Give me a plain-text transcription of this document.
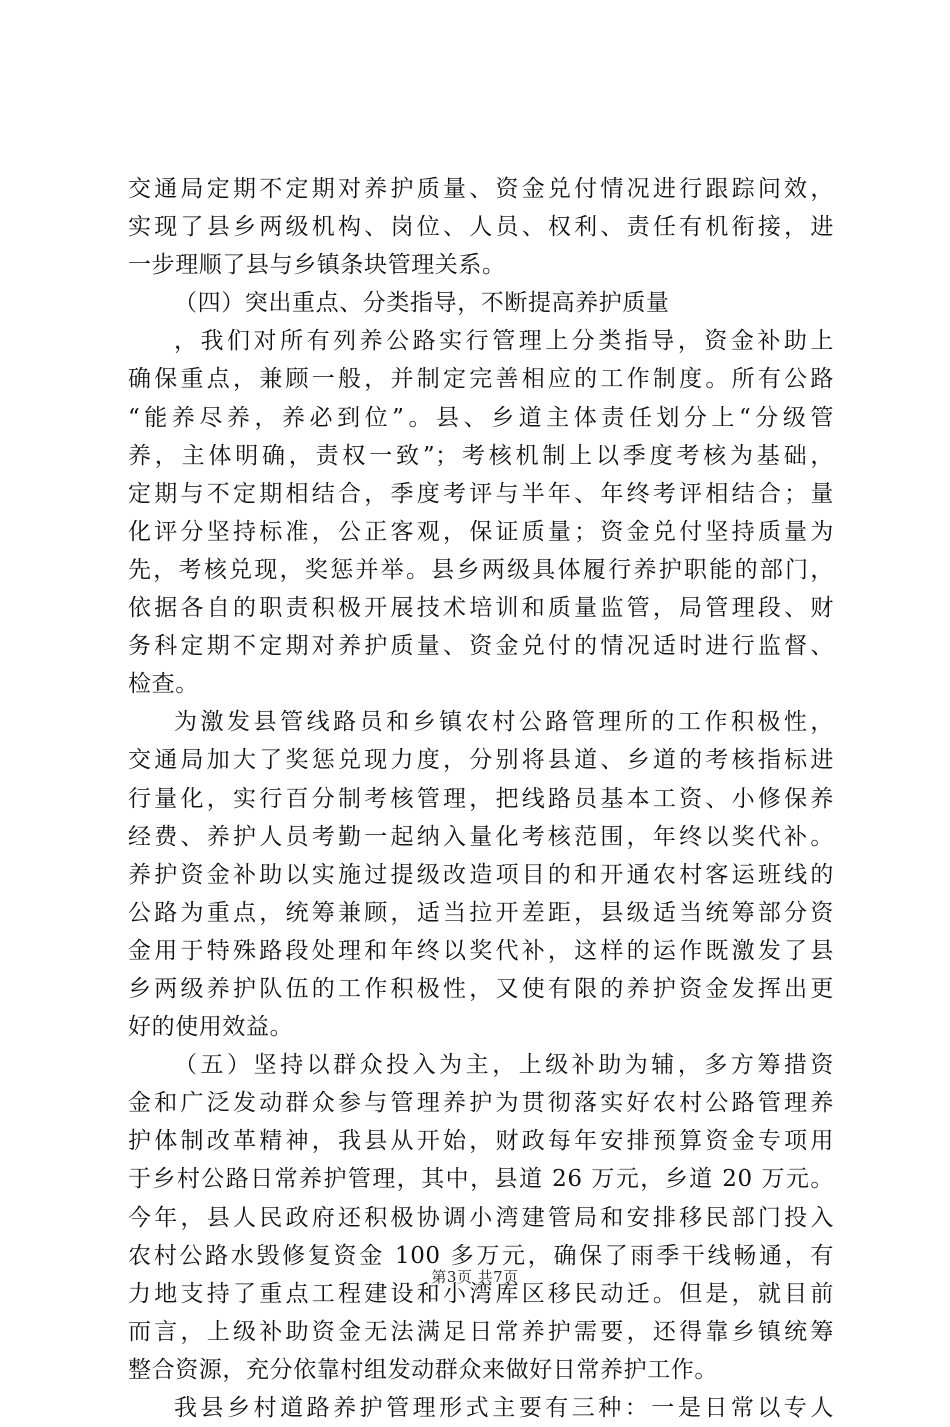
交通局定期不定期对养护质量、资金兑付情况进行跟踪问效，
实现了县乡两级机构、岗位、人员、权利、责任有机衔接，进
一步理顺了县与乡镇条块管理关系。
（四）突出重点、分类指导，不断提高养护质量
，我们对所有列养公路实行管理上分类指导，资金补助上
确保重点，兼顾一般，并制定完善相应的工作制度。所有公路
“能养尽养，养必到位”。县、乡道主体责任划分上“分级管
养，主体明确，责权一致”；考核机制上以季度考核为基础，
定期与不定期相结合，季度考评与半年、年终考评相结合；量
化评分坚持标准，公正客观，保证质量；资金兑付坚持质量为
先，考核兑现，奖惩并举。县乡两级具体履行养护职能的部门，
依据各自的职责积极开展技术培训和质量监管，局管理段、财
务科定期不定期对养护质量、资金兑付的情况适时进行监督、
检查。
为激发县管线路员和乡镇农村公路管理所的工作积极性，
交通局加大了奖惩兑现力度，分别将县道、乡道的考核指标进
行量化，实行百分制考核管理，把线路员基本工资、小修保养
经费、养护人员考勤一起纳入量化考核范围，年终以奖代补。
养护资金补助以实施过提级改造项目的和开通农村客运班线的
公路为重点，统筹兼顾，适当拉开差距，县级适当统筹部分资
金用于特殊路段处理和年终以奖代补，这样的运作既激发了县
乡两级养护队伍的工作积极性，又使有限的养护资金发挥出更
好的使用效益。
（五）坚持以群众投入为主，上级补助为辅，多方筹措资
金和广泛发动群众参与管理养护为贯彻落实好农村公路管理养
护体制改革精神，我县从开始，财政每年安排预算资金专项用
于乡村公路日常养护管理，其中，县道 26 万元，乡道 20 万元。
今年，县人民政府还积极协调小湾建管局和安排移民部门投入
农村公路水毁修复资金 100 多万元，确保了雨季干线畅通，有
力地支持了重点工程建设和小湾库区移民动迁。但是，就目前
而言，上级补助资金无法满足日常养护需要，还得靠乡镇统筹
整合资源，充分依靠村组发动群众来做好日常养护工作。
我县乡村道路养护管理形式主要有三种：一是日常以专人
第3页 共7页
